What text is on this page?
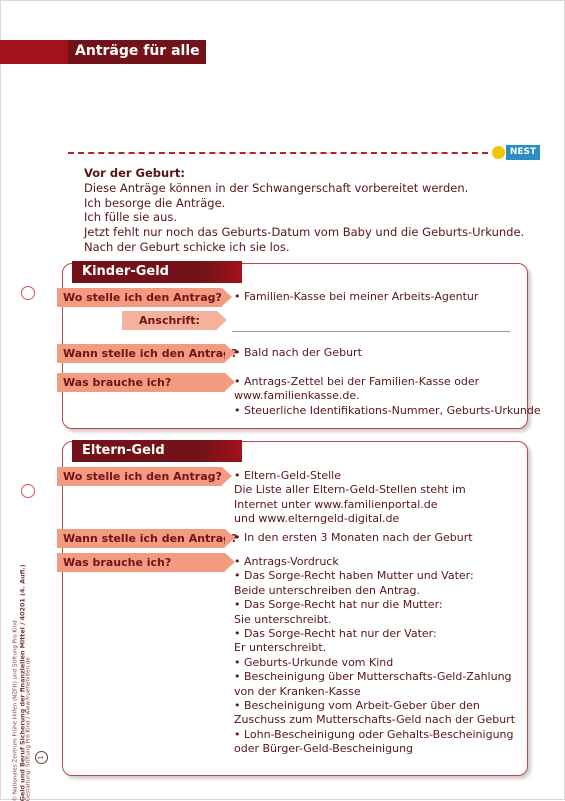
Anträge für alle
NEST
Vor der Geburt:
Diese Anträge können in der Schwangerschaft vorbereitet werden.
Ich besorge die Anträge.
Ich fülle sie aus.
Jetzt fehlt nur noch das Geburts-Datum vom Baby und die Geburts-Urkunde.
Nach der Geburt schicke ich sie los.
Kinder-Geld
Wo stelle ich den Antrag? • Familien-Kasse bei meiner Arbeits-Agentur
Anschrift:
Wann stelle ich den Antrag?
• Bald nach der Geburt
Was brauche ich?	• Antrags-Zettel bei der Familien-Kasse oder
www.familienkasse.de.
• Steuerliche Identifikations-Nummer, Geburts-Urkunde
Eltern-Geld
Wo stelle ich den Antrag? • Eltern-Geld-Stelle
Die Liste aller Eltern-Geld-Stellen steht im
Internet unter www.familienportal.de
und www.elterngeld-digital.de
Wann stelle ich den Antrag?
• In den ersten 3 Monaten nach der Geburt
Was brauche ich?	• Antrags-Vordruck
• Das Sorge-Recht haben Mutter und Vater:
Beide unterschreiben den Antrag.
• Das Sorge-Recht hat nur die Mutter:
Sie unterschreibt.
• Das Sorge-Recht hat nur der Vater:
Er unterschreibt.
• Geburts-Urkunde vom Kind
• Bescheinigung über Mutterschafts-Geld-Zahlung
von der Kranken-Kasse
• Bescheinigung vom Arbeit-Geber über den
Zuschuss zum Mutterschafts-Geld nach der Geburt
• Lohn-Bescheinigung oder Gehalts-Bescheinigung
oder Bürger-Geld-Bescheinigung
© Nationales Zentrum Frühe Hilfen (NZFH) und Stiftung Pro Kind Geld und Beruf Sicherung der finanziellen Mittel / 40201 (4. Aufl.) Gestaltung: Stiftung Pro Kind / www.fruehehilfen.de 1
